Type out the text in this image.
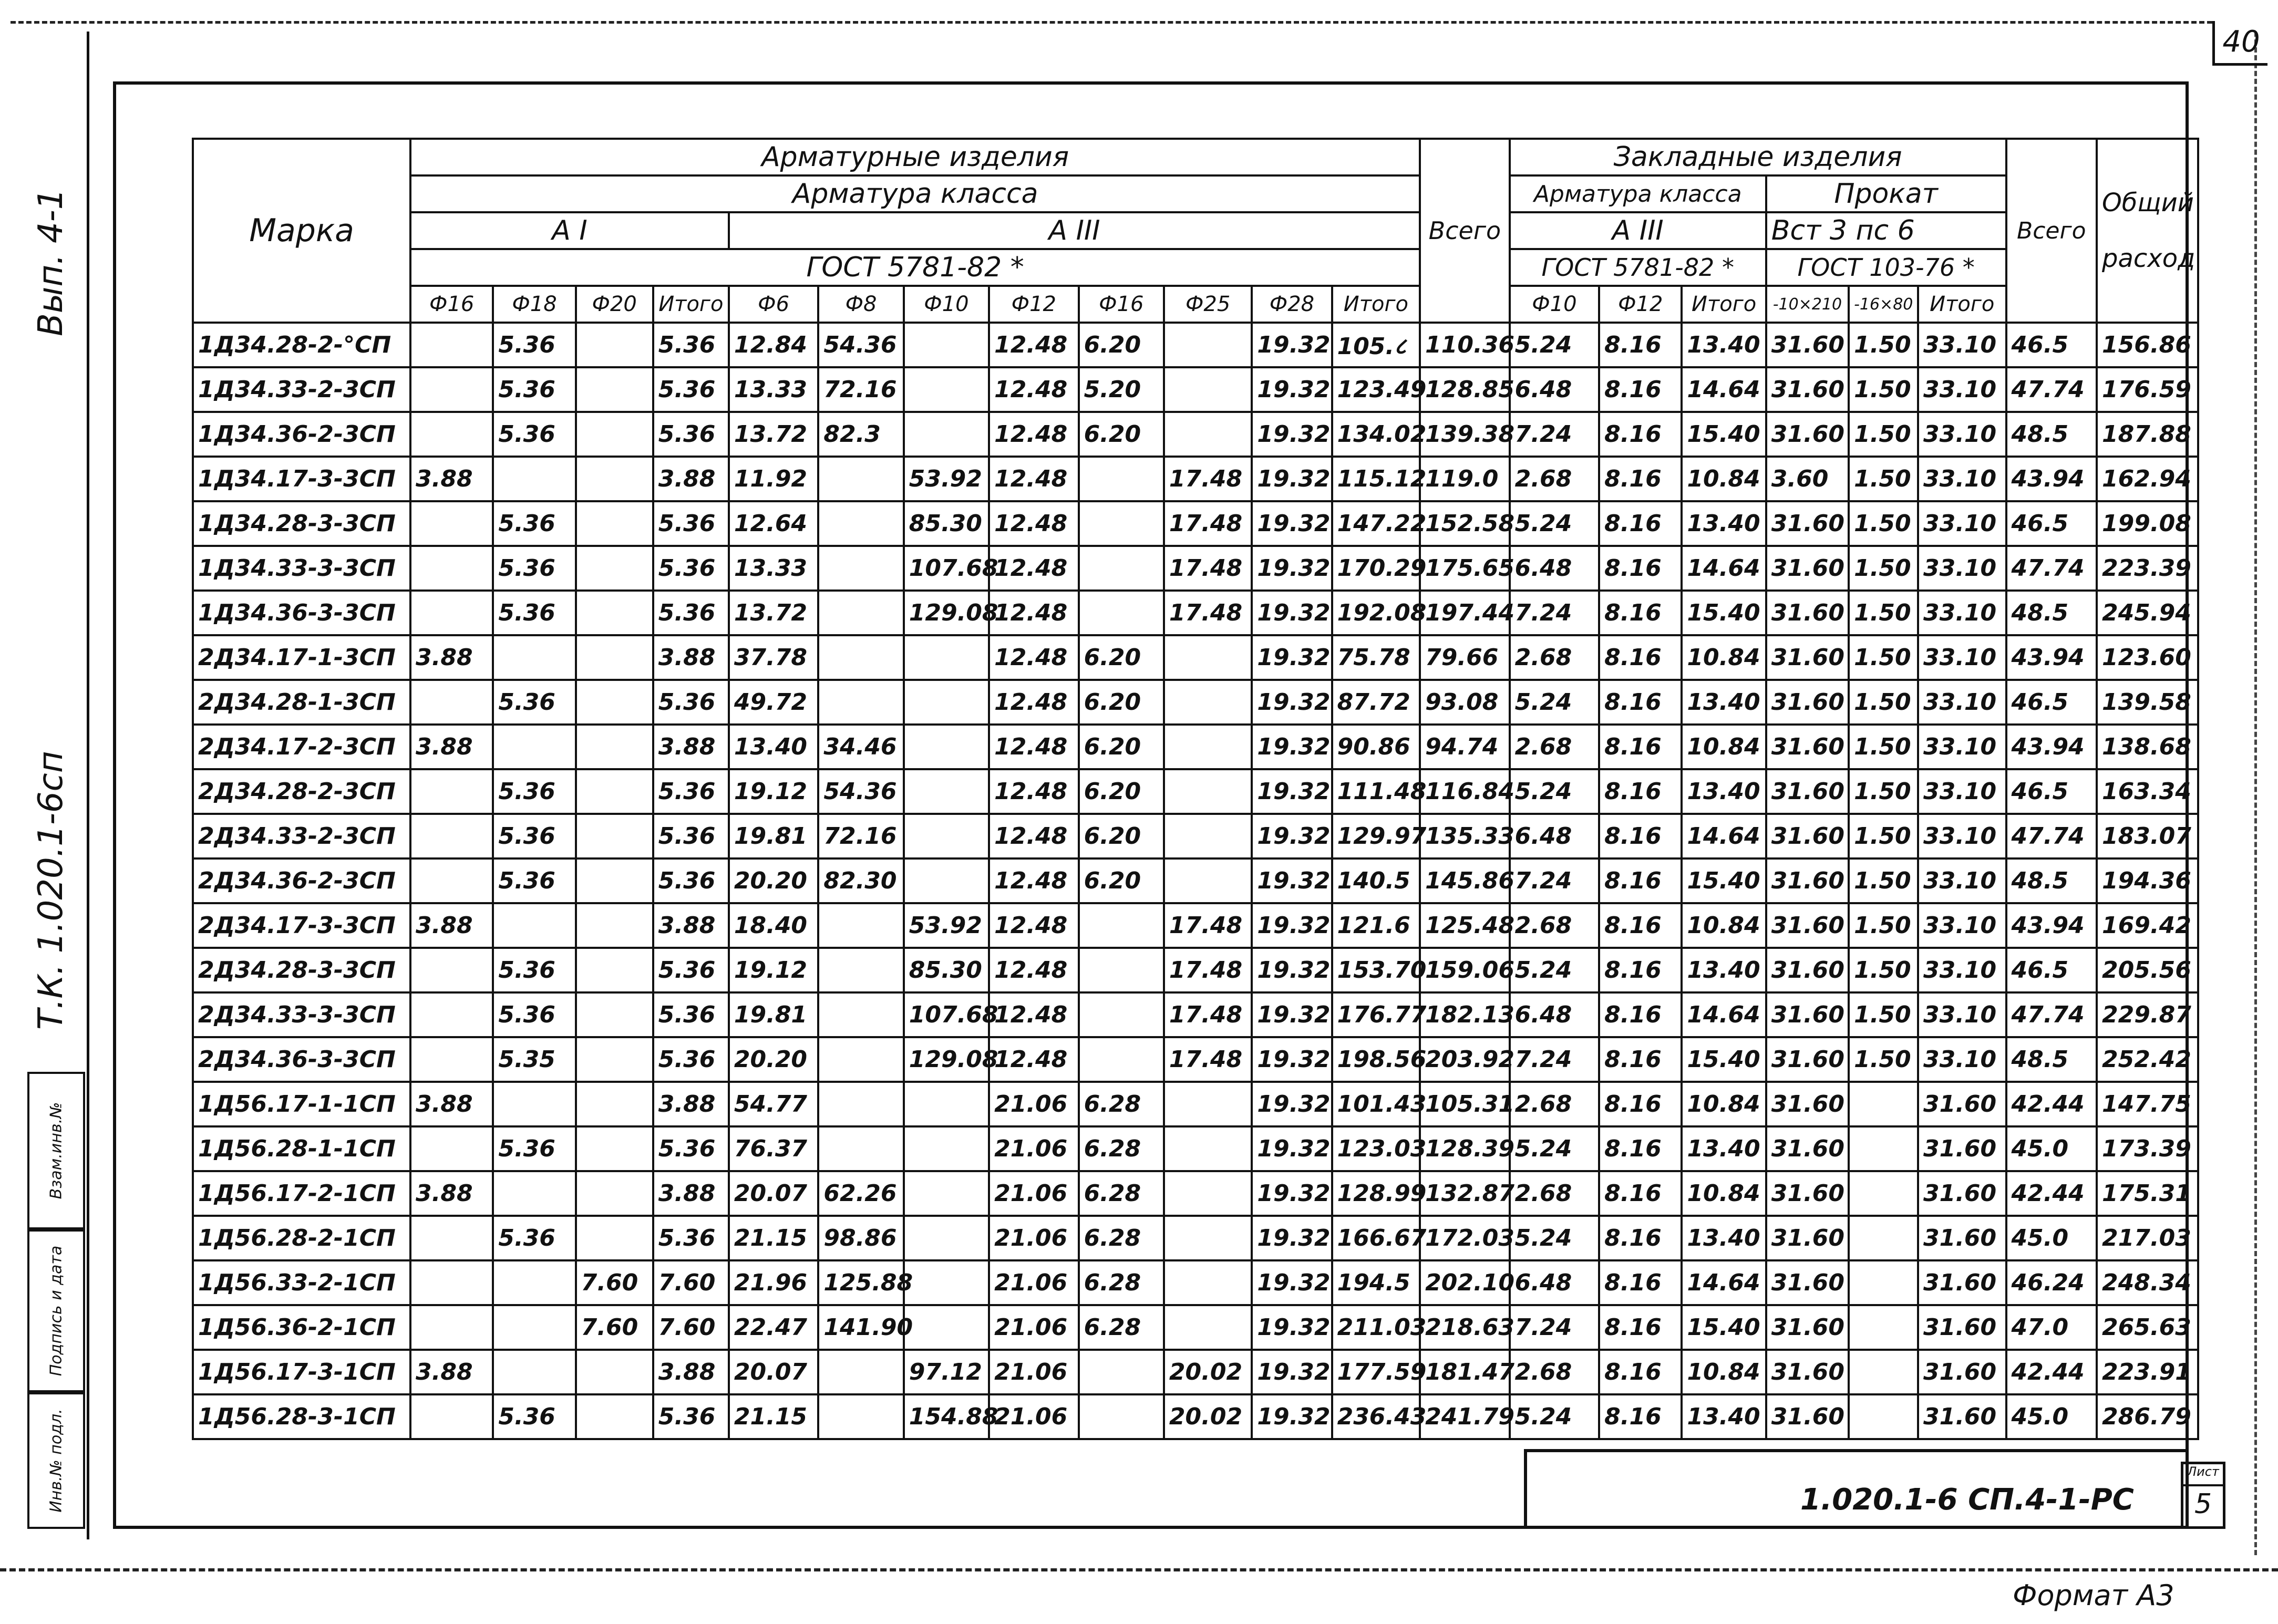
40
Вып. 4-1
Т.К. 1.020.1-6сп
Взам.инв.№
Подпись и дата
Инв.№ подл.
Марка	Арматурные изделия												Всего	Закладные изделия						Всего	Общий
расход

	Арматура класса													Арматура класса			Прокат				
	А I				А III									А III			Вст 3 пс 6				
	ГОСТ 5781-82 *													ГОСТ 5781-82 *			ГОСТ 103-76 *				
	Ф16	Ф18	Ф20	Итого	Ф6	Ф8	Ф10	Ф12	Ф16	Ф25	Ф28	Итого		Ф10	Ф12	Итого	-10×210	-16×80	Итого		
1Д34.28-2-°СП		5.36		5.36	12.84	54.36		12.48	6.20		19.32	105.८	110.36	5.24	8.16	13.40	31.60	1.50	33.10	46.5	156.86
1Д34.33-2-3СП		5.36		5.36	13.33	72.16		12.48	5.20		19.32	123.49	128.85	6.48	8.16	14.64	31.60	1.50	33.10	47.74	176.59
1Д34.36-2-3СП		5.36		5.36	13.72	82.3		12.48	6.20		19.32	134.02	139.38	7.24	8.16	15.40	31.60	1.50	33.10	48.5	187.88
1Д34.17-3-3СП	3.88			3.88	11.92		53.92	12.48		17.48	19.32	115.12	119.0	2.68	8.16	10.84	3.60	1.50	33.10	43.94	162.94
1Д34.28-3-3СП		5.36		5.36	12.64		85.30	12.48		17.48	19.32	147.22	152.58	5.24	8.16	13.40	31.60	1.50	33.10	46.5	199.08
1Д34.33-3-3СП		5.36		5.36	13.33		107.68	12.48		17.48	19.32	170.29	175.65	6.48	8.16	14.64	31.60	1.50	33.10	47.74	223.39
1Д34.36-3-3СП		5.36		5.36	13.72		129.08	12.48		17.48	19.32	192.08	197.44	7.24	8.16	15.40	31.60	1.50	33.10	48.5	245.94
2Д34.17-1-3СП	3.88			3.88	37.78			12.48	6.20		19.32	75.78	79.66	2.68	8.16	10.84	31.60	1.50	33.10	43.94	123.60
2Д34.28-1-3СП		5.36		5.36	49.72			12.48	6.20		19.32	87.72	93.08	5.24	8.16	13.40	31.60	1.50	33.10	46.5	139.58
2Д34.17-2-3СП	3.88			3.88	13.40	34.46		12.48	6.20		19.32	90.86	94.74	2.68	8.16	10.84	31.60	1.50	33.10	43.94	138.68
2Д34.28-2-3СП		5.36		5.36	19.12	54.36		12.48	6.20		19.32	111.48	116.84	5.24	8.16	13.40	31.60	1.50	33.10	46.5	163.34
2Д34.33-2-3СП		5.36		5.36	19.81	72.16		12.48	6.20		19.32	129.97	135.33	6.48	8.16	14.64	31.60	1.50	33.10	47.74	183.07
2Д34.36-2-3СП		5.36		5.36	20.20	82.30		12.48	6.20		19.32	140.5	145.86	7.24	8.16	15.40	31.60	1.50	33.10	48.5	194.36
2Д34.17-3-3СП	3.88			3.88	18.40		53.92	12.48		17.48	19.32	121.6	125.48	2.68	8.16	10.84	31.60	1.50	33.10	43.94	169.42
2Д34.28-3-3СП		5.36		5.36	19.12		85.30	12.48		17.48	19.32	153.70	159.06	5.24	8.16	13.40	31.60	1.50	33.10	46.5	205.56
2Д34.33-3-3СП		5.36		5.36	19.81		107.68	12.48		17.48	19.32	176.77	182.13	6.48	8.16	14.64	31.60	1.50	33.10	47.74	229.87
2Д34.36-3-3СП		5.35		5.36	20.20		129.08	12.48		17.48	19.32	198.56	203.92	7.24	8.16	15.40	31.60	1.50	33.10	48.5	252.42
1Д56.17-1-1СП	3.88			3.88	54.77			21.06	6.28		19.32	101.43	105.31	2.68	8.16	10.84	31.60		31.60	42.44	147.75
1Д56.28-1-1СП		5.36		5.36	76.37			21.06	6.28		19.32	123.03	128.39	5.24	8.16	13.40	31.60		31.60	45.0	173.39
1Д56.17-2-1СП	3.88			3.88	20.07	62.26		21.06	6.28		19.32	128.99	132.87	2.68	8.16	10.84	31.60		31.60	42.44	175.31
1Д56.28-2-1СП		5.36		5.36	21.15	98.86		21.06	6.28		19.32	166.67	172.03	5.24	8.16	13.40	31.60		31.60	45.0	217.03
1Д56.33-2-1СП			7.60	7.60	21.96	125.88		21.06	6.28		19.32	194.5	202.10	6.48	8.16	14.64	31.60		31.60	46.24	248.34
1Д56.36-2-1СП			7.60	7.60	22.47	141.90		21.06	6.28		19.32	211.03	218.63	7.24	8.16	15.40	31.60		31.60	47.0	265.63
1Д56.17-3-1СП	3.88			3.88	20.07		97.12	21.06		20.02	19.32	177.59	181.47	2.68	8.16	10.84	31.60		31.60	42.44	223.91
1Д56.28-3-1СП		5.36		5.36	21.15		154.88	21.06		20.02	19.32	236.43	241.79	5.24	8.16	13.40	31.60		31.60	45.0	286.79
1.020.1-6 СП.4-1-РС
Лист
5
Формат А3
